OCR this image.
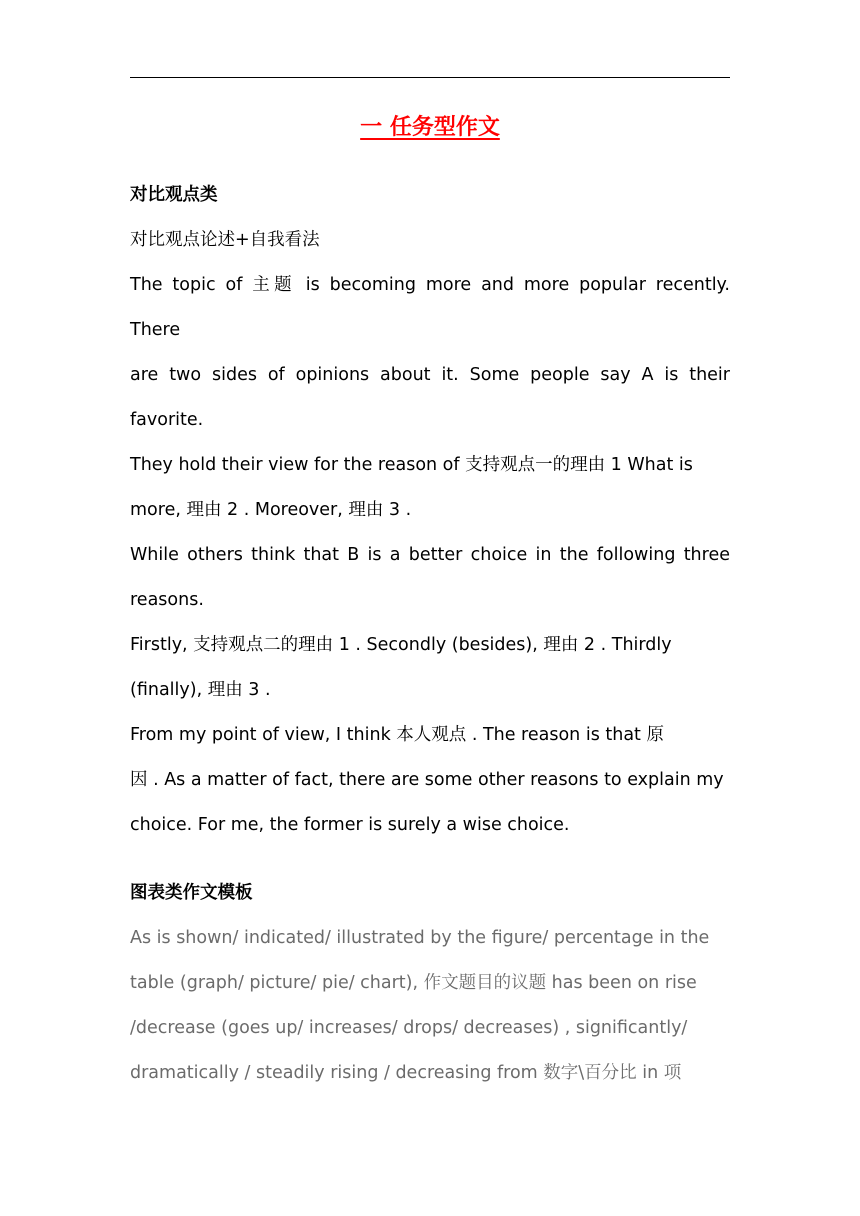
一 任务型作文

对比观点类

对比观点论述+自我看法

The topic of 主题 is becoming more and more popular recently.

There

are two sides of opinions about it. Some people say A is their

favorite.

They hold their view for the reason of 支持观点一的理由 1 What is

more, 理由 2 . Moreover, 理由 3 .

While others think that B is a better choice in the following three

reasons.

Firstly, 支持观点二的理由 1 . Secondly (besides), 理由 2 . Thirdly

(finally), 理由 3 .

From my point of view, I think 本人观点 . The reason is that 原

因 . As a matter of fact, there are some other reasons to explain my

choice. For me, the former is surely a wise choice.

图表类作文模板

As is shown/ indicated/ illustrated by the figure/ percentage in the

table (graph/ picture/ pie/ chart), 作文题目的议题 has been on rise

/decrease (goes up/ increases/ drops/ decreases) , significantly/

dramatically / steadily rising / decreasing from 数字\百分比 in 项
